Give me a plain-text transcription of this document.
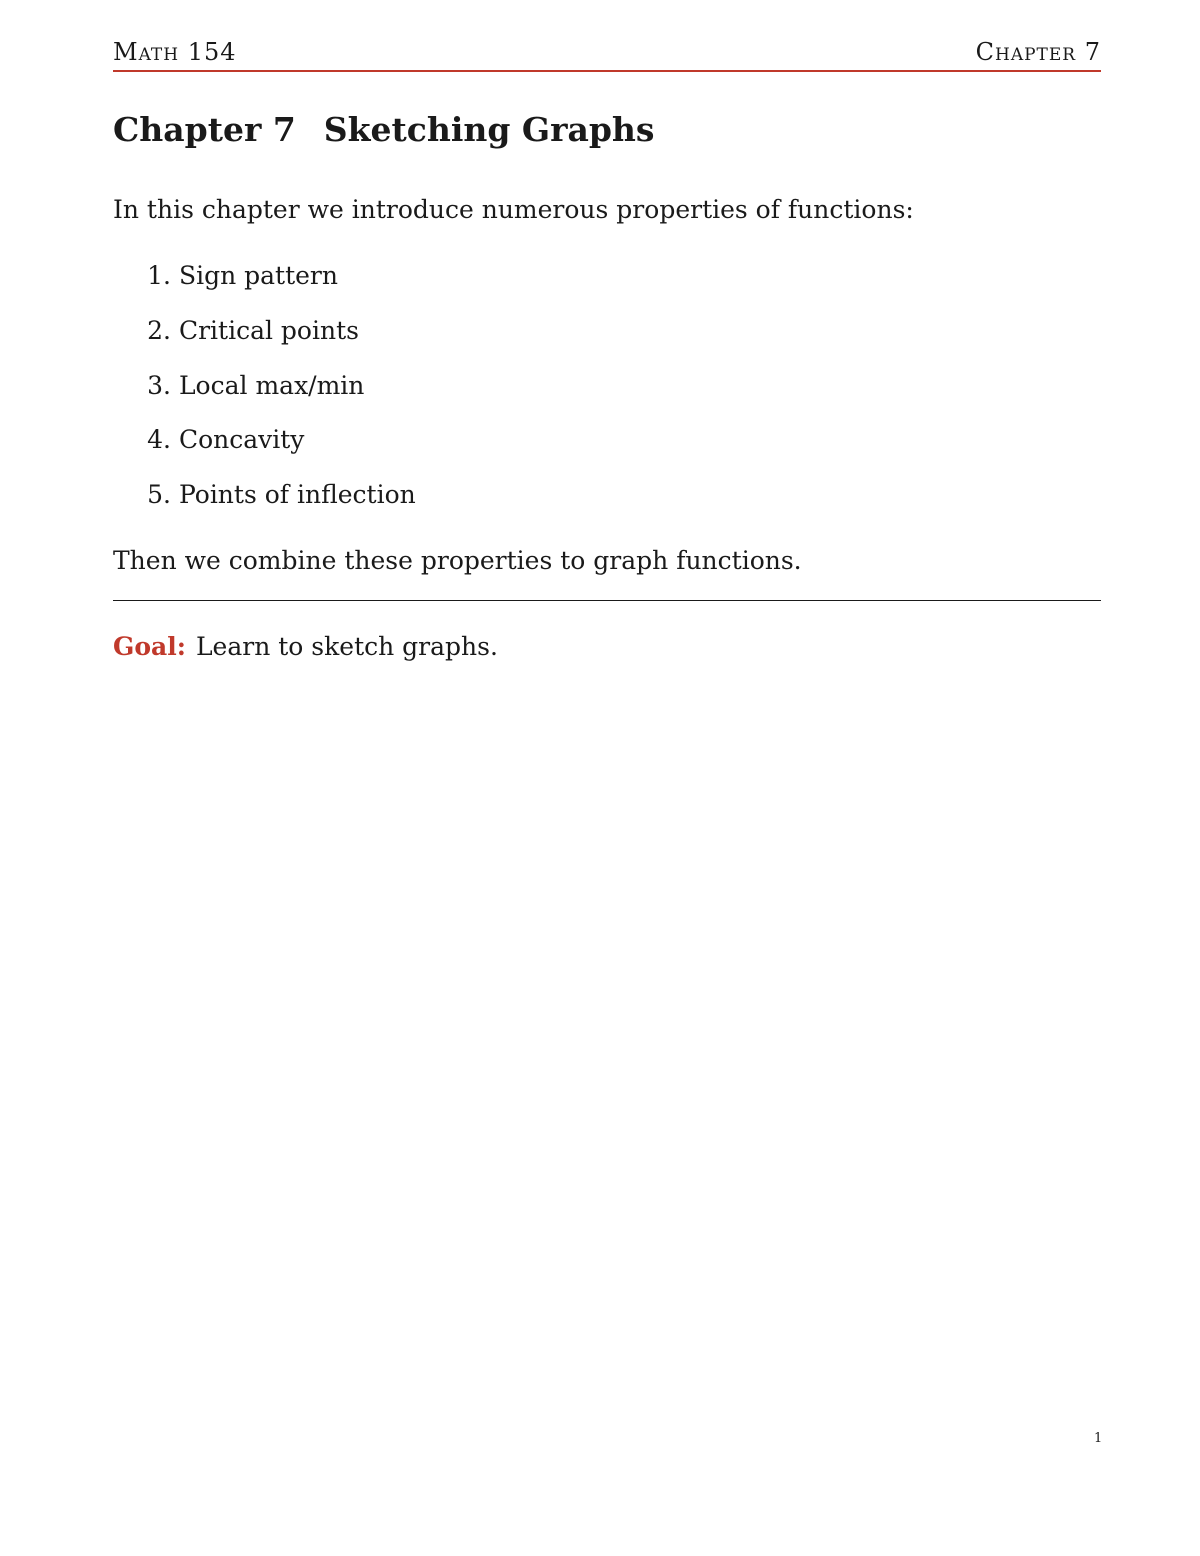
Math 154	Chapter 7
Chapter 7 Sketching Graphs

In this chapter we introduce numerous properties of functions:

1.
Sign pattern
2.
Critical points
3.
Local max/min
4.
Concavity
5.
Points of inflection

Then we combine these properties to graph functions.

Goal: Learn to sketch graphs.

1
